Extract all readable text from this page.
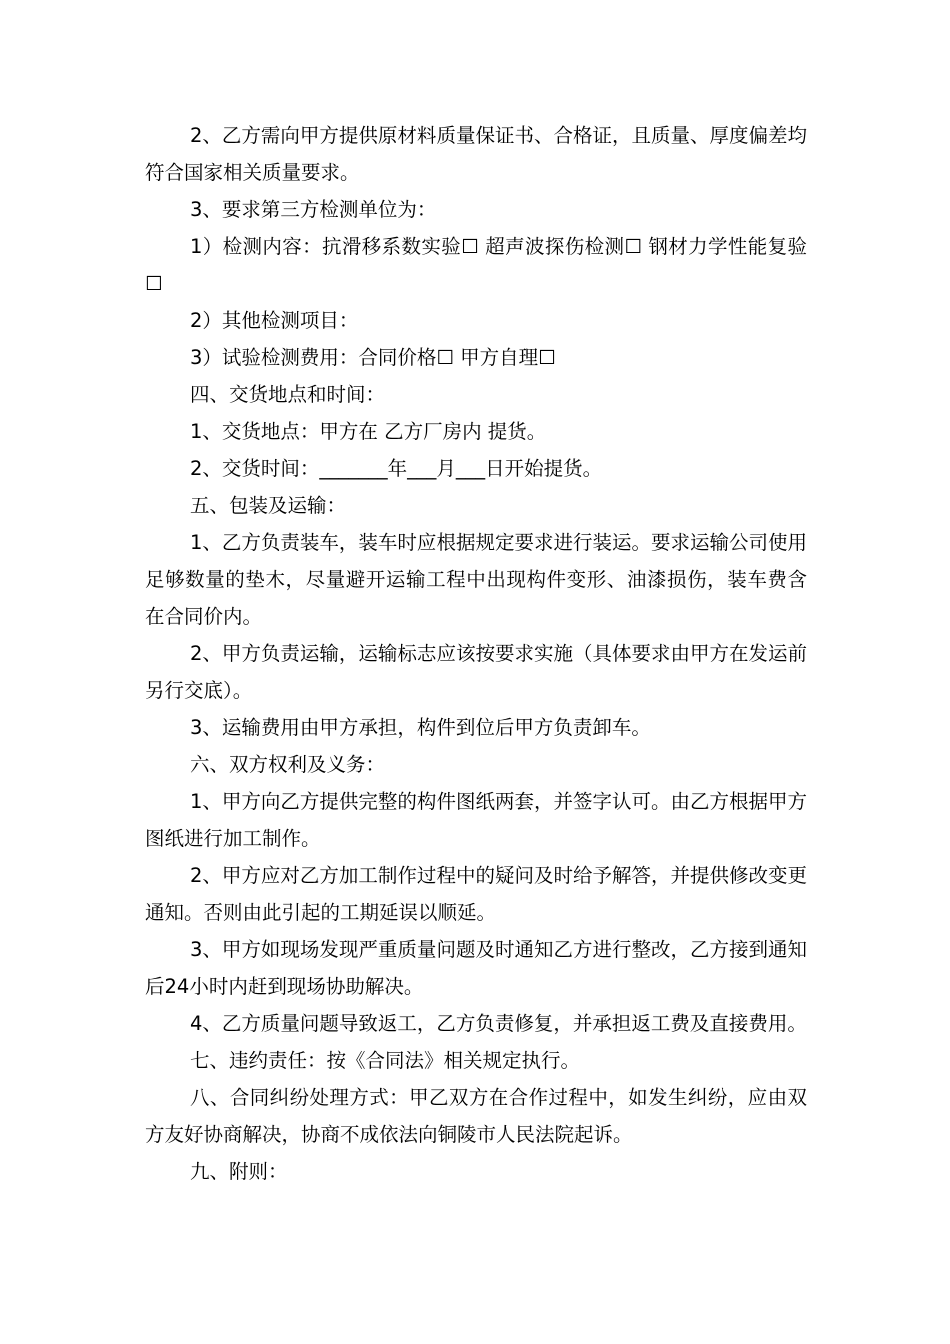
2、乙方需向甲方提供原材料质量保证书、合格证，且质量、厚度偏差均符合国家相关质量要求。

3、要求第三方检测单位为：

1）检测内容：抗滑移系数实验☐ 超声波探伤检测☐ 钢材力学性能复验☐

2）其他检测项目：

3）试验检测费用：合同价格☐ 甲方自理☐

四、交货地点和时间：

1、交货地点：甲方在 乙方厂房内 提货。

2、交货时间：_______年___月___日开始提货。

五、包装及运输：

1、乙方负责装车，装车时应根据规定要求进行装运。要求运输公司使用足够数量的垫木，尽量避开运输工程中出现构件变形、油漆损伤，装车费含在合同价内。

2、甲方负责运输，运输标志应该按要求实施（具体要求由甲方在发运前另行交底）。

3、运输费用由甲方承担，构件到位后甲方负责卸车。

六、双方权利及义务：

1、甲方向乙方提供完整的构件图纸两套，并签字认可。由乙方根据甲方图纸进行加工制作。

2、甲方应对乙方加工制作过程中的疑问及时给予解答，并提供修改变更通知。否则由此引起的工期延误以顺延。

3、甲方如现场发现严重质量问题及时通知乙方进行整改，乙方接到通知后24小时内赶到现场协助解决。

4、乙方质量问题导致返工，乙方负责修复，并承担返工费及直接费用。

七、违约责任：按《合同法》相关规定执行。

八、合同纠纷处理方式：甲乙双方在合作过程中，如发生纠纷，应由双方友好协商解决，协商不成依法向铜陵市人民法院起诉。

九、附则：
